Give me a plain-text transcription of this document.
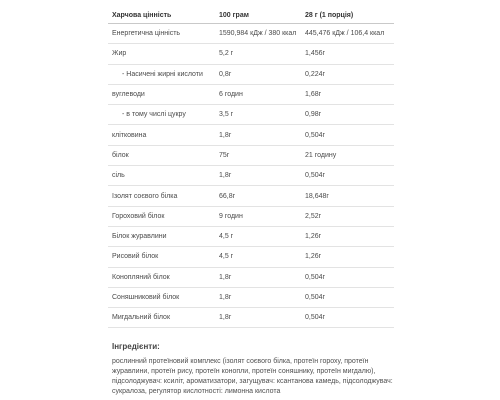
Харчова цінність	100 грам	28 г (1 порція)
Енергетична цінність	1590,984 кДж / 380 ккал	445,476 кДж / 106,4 ккал
Жир	5,2 г	1,456г
- Насичені жирні кислоти	0,8г	0,224г
вуглеводи	6 годин	1,68г
- в тому числі цукру	3,5 г	0,98г
клітковина	1,8г	0,504г
білок	75г	21 годину
сіль	1,8г	0,504г
Ізолят соєвого білка	66,8г	18,648г
Гороховий білок	9 годин	2,52г
Білок журавлини	4,5 г	1,26г
Рисовий білок	4,5 г	1,26г
Конопляний білок	1,8г	0,504г
Соняшниковий білок	1,8г	0,504г
Мигдальний білок	1,8г	0,504г

Інгредієнти:

рослинний протеїновий комплекс (ізолят соєвого білка, протеїн гороху, протеїн журавлини, протеїн рису, протеїн конопли, протеїн соняшнику, протеїн мигдалю), підсолоджувач: ксиліт, ароматизатори, загущувач: ксантанова камедь, підсолоджувач: сукралоза, регулятор кислотності: лимонна кислота
